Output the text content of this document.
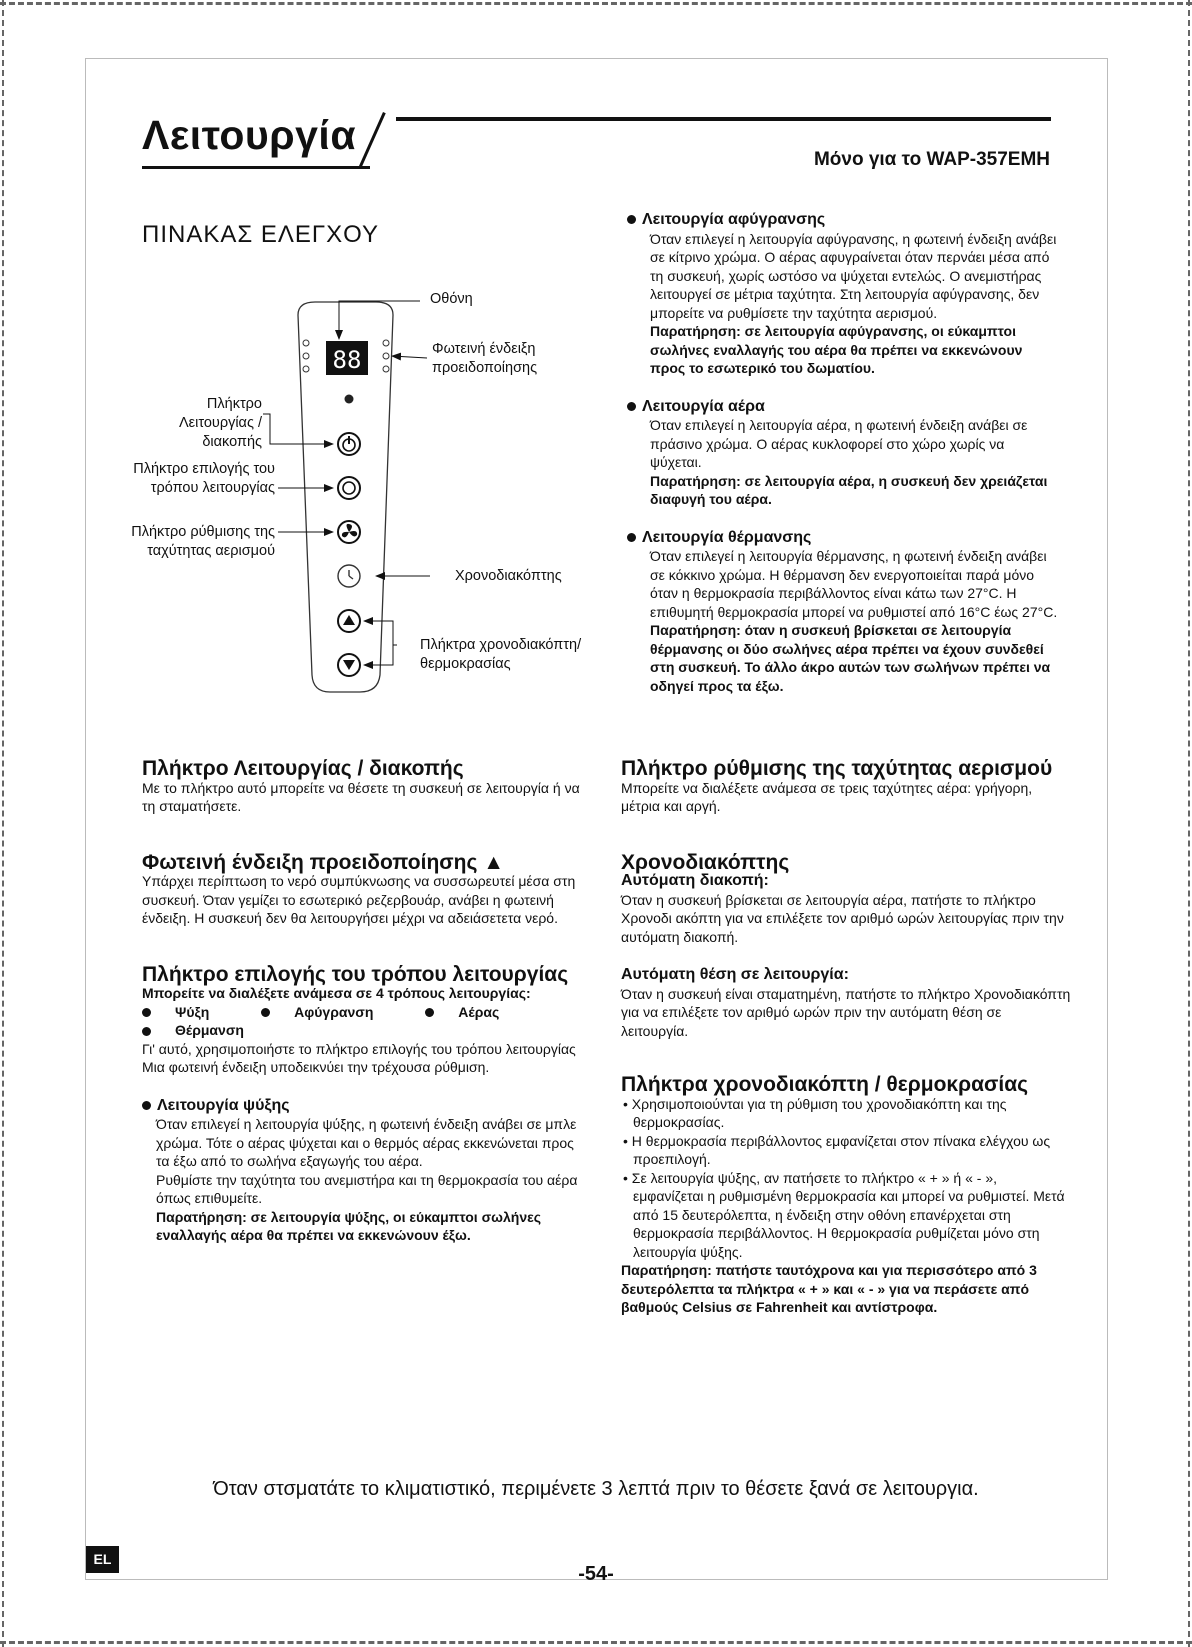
Λειτουργία

Μόνο για το WAP-357EMH

ΠΙΝΑΚΑΣ ΕΛΕΓΧΟΥ
88
Οθόνη
Φωτεινή ένδειξη προειδοποίησης
Πλήκτρο Λειτουργίας / διακοπής
Πλήκτρο επιλογής του τρόπου λειτουργίας
Πλήκτρο ρύθμισης της ταχύτητας αερισμού
Χρονοδιακόπτης
Πλήκτρα χρονοδιακόπτη/ θερμοκρασίας

Λειτουργία αφύγρανσης

Όταν επιλεγεί η λειτουργία αφύγρανσης, η φωτεινή ένδειξη ανάβει σε κίτρινο χρώμα. Ο αέρας αφυγραίνεται όταν περνάει μέσα από τη συσκευή, χωρίς ωστόσο να ψύχεται εντελώς. Ο ανεμιστήρας λειτουργεί σε μέτρια ταχύτητα. Στη λειτουργία αφύγρανσης, δεν μπορείτε να ρυθμίσετε την ταχύτητα αερισμού.

Παρατήρηση: σε λειτουργία αφύγρανσης, οι εύκαμπτοι σωλήνες εναλλαγής του αέρα θα πρέπει να εκκενώνουν προς το εσωτερικό του δωματίου.

Λειτουργία αέρα

Όταν επιλεγεί η λειτουργία αέρα, η φωτεινή ένδειξη ανάβει σε πράσινο χρώμα. Ο αέρας κυκλοφορεί στο χώρο χωρίς να ψύχεται.

Παρατήρηση: σε λειτουργία αέρα, η συσκευή δεν χρειάζεται διαφυγή του αέρα.

Λειτουργία θέρμανσης

Όταν επιλεγεί η λειτουργία θέρμανσης, η φωτεινή ένδειξη ανάβει σε κόκκινο χρώμα. Η θέρμανση δεν ενεργοποιείται παρά μόνο όταν η θερμοκρασία περιβάλλοντος είναι κάτω των 27°C. Η επιθυμητή θερμοκρασία μπορεί να ρυθμιστεί από 16°C έως 27°C.

Παρατήρηση: όταν η συσκευή βρίσκεται σε λειτουργία θέρμανσης οι δύο σωλήνες αέρα πρέπει να έχουν συνδεθεί στη συσκευή. Το άλλο άκρο αυτών των σωλήνων πρέπει να οδηγεί προς τα έξω.

Πλήκτρο Λειτουργίας / διακοπής

Με το πλήκτρο αυτό μπορείτε να θέσετε τη συσκευή σε λειτουργία ή να τη σταματήσετε.

Φωτεινή ένδειξη προειδοποίησης ▲

Υπάρχει περίπτωση το νερό συμπύκνωσης να συσσωρευτεί μέσα στη συσκευή. Όταν γεμίζει το εσωτερικό ρεζερβουάρ, ανάβει η φωτεινή ένδειξη. Η συσκευή δεν θα λειτουργήσει μέχρι να αδειάσετετα νερό.

Πλήκτρο επιλογής του τρόπου λειτουργίας

Μπορείτε να διαλέξετε ανάμεσα σε 4 τρόπους λειτουργίας:

Ψύξη	Αφύγρανση	Αέρας Θέρμανση

Γι' αυτό, χρησιμοποιήστε το πλήκτρο επιλογής του τρόπου λειτουργίας Μια φωτεινή ένδειξη υποδεικνύει την τρέχουσα ρύθμιση.

Λειτουργία ψύξης

Όταν επιλεγεί η λειτουργία ψύξης, η φωτεινή ένδειξη ανάβει σε μπλε χρώμα. Τότε ο αέρας ψύχεται και ο θερμός αέρας εκκενώνεται προς τα έξω από το σωλήνα εξαγωγής του αέρα.

Ρυθμίστε την ταχύτητα του ανεμιστήρα και τη θερμοκρασία του αέρα όπως επιθυμείτε.

Παρατήρηση: σε λειτουργία ψύξης, οι εύκαμπτοι σωλήνες εναλλαγής αέρα θα πρέπει να εκκενώνουν έξω.

Πλήκτρο ρύθμισης της ταχύτητας αερισμού

Μπορείτε να διαλέξετε ανάμεσα σε τρεις ταχύτητες αέρα: γρήγορη, μέτρια και αργή.

Χρονοδιακόπτης

Αυτόματη διακοπή:

Όταν η συσκευή βρίσκεται σε λειτουργία αέρα, πατήστε το πλήκτρο Χρονοδι ακόπτη για να επιλέξετε τον αριθμό ωρών λειτουργίας πριν την αυτόματη διακοπή.

Αυτόματη θέση σε λειτουργία:

Όταν η συσκευή είναι σταματημένη, πατήστε το πλήκτρο Χρονοδιακόπτη για να επιλέξετε τον αριθμό ωρών πριν την αυτόματη θέση σε λειτουργία.

Πλήκτρα χρονοδιακόπτη / θερμοκρασίας

• Χρησιμοποιούνται για τη ρύθμιση του χρονοδιακόπτη και της θερμοκρασίας.

• Η θερμοκρασία περιβάλλοντος εμφανίζεται στον πίνακα ελέγχου ως προεπιλογή.

• Σε λειτουργία ψύξης, αν πατήσετε το πλήκτρο « + » ή « - », εμφανίζεται η ρυθμισμένη θερμοκρασία και μπορεί να ρυθμιστεί. Μετά από 15 δευτερόλεπτα, η ένδειξη στην οθόνη επανέρχεται στη θερμοκρασία περιβάλλοντος. Η θερμοκρασία ρυθμίζεται μόνο στη λειτουργία ψύξης.

Παρατήρηση: πατήστε ταυτόχρονα και για περισσότερο από 3 δευτερόλεπτα τα πλήκτρα « + » και « - » για να περάσετε από βαθμούς Celsius σε Fahrenheit και αντίστροφα.

Όταν στσματάτε το κλιματιστικό, περιμένετε 3 λεπτά πριν το θέσετε ξανά σε λειτουργια.

EL

-54-
